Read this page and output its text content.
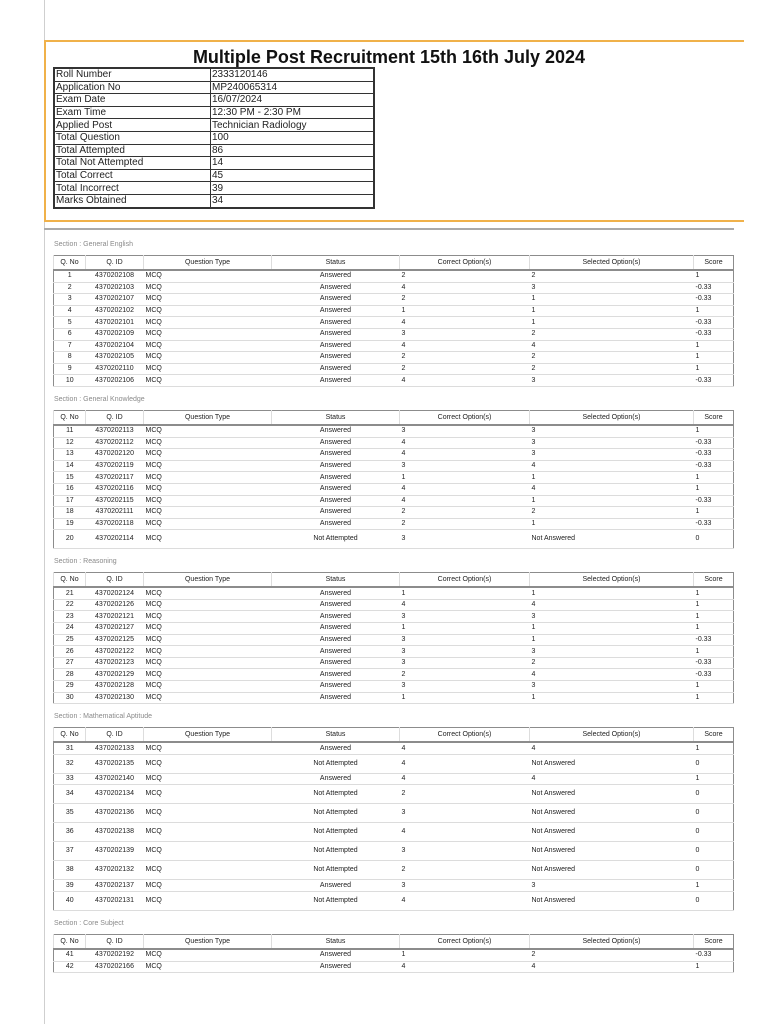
Multiple Post Recruitment 15th 16th July 2024
Roll Number	2333120146
Application No	MP240065314
Exam Date	16/07/2024
Exam Time	12:30 PM - 2:30 PM
Applied Post	Technician Radiology
Total Question	100
Total Attempted	86
Total Not Attempted	14
Total Correct	45
Total Incorrect	39
Marks Obtained	34
Section : General English
Q. No	Q. ID	Question Type	Status	Correct Option(s)	Selected Option(s)	Score
1	4370202108	MCQ	Answered	2	2	1
2	4370202103	MCQ	Answered	4	3	-0.33
3	4370202107	MCQ	Answered	2	1	-0.33
4	4370202102	MCQ	Answered	1	1	1
5	4370202101	MCQ	Answered	4	1	-0.33
6	4370202109	MCQ	Answered	3	2	-0.33
7	4370202104	MCQ	Answered	4	4	1
8	4370202105	MCQ	Answered	2	2	1
9	4370202110	MCQ	Answered	2	2	1
10	4370202106	MCQ	Answered	4	3	-0.33
Section : General Knowledge
Q. No	Q. ID	Question Type	Status	Correct Option(s)	Selected Option(s)	Score
11	4370202113	MCQ	Answered	3	3	1
12	4370202112	MCQ	Answered	4	3	-0.33
13	4370202120	MCQ	Answered	4	3	-0.33
14	4370202119	MCQ	Answered	3	4	-0.33
15	4370202117	MCQ	Answered	1	1	1
16	4370202116	MCQ	Answered	4	4	1
17	4370202115	MCQ	Answered	4	1	-0.33
18	4370202111	MCQ	Answered	2	2	1
19	4370202118	MCQ	Answered	2	1	-0.33
20	4370202114	MCQ	Not Attempted	3	Not Answered	0
Section : Reasoning
Q. No	Q. ID	Question Type	Status	Correct Option(s)	Selected Option(s)	Score
21	4370202124	MCQ	Answered	1	1	1
22	4370202126	MCQ	Answered	4	4	1
23	4370202121	MCQ	Answered	3	3	1
24	4370202127	MCQ	Answered	1	1	1
25	4370202125	MCQ	Answered	3	1	-0.33
26	4370202122	MCQ	Answered	3	3	1
27	4370202123	MCQ	Answered	3	2	-0.33
28	4370202129	MCQ	Answered	2	4	-0.33
29	4370202128	MCQ	Answered	3	3	1
30	4370202130	MCQ	Answered	1	1	1
Section : Mathematical Aptitude
Q. No	Q. ID	Question Type	Status	Correct Option(s)	Selected Option(s)	Score
31	4370202133	MCQ	Answered	4	4	1
32	4370202135	MCQ	Not Attempted	4	Not Answered	0
33	4370202140	MCQ	Answered	4	4	1
34	4370202134	MCQ	Not Attempted	2	Not Answered	0
35	4370202136	MCQ	Not Attempted	3	Not Answered	0
36	4370202138	MCQ	Not Attempted	4	Not Answered	0
37	4370202139	MCQ	Not Attempted	3	Not Answered	0
38	4370202132	MCQ	Not Attempted	2	Not Answered	0
39	4370202137	MCQ	Answered	3	3	1
40	4370202131	MCQ	Not Attempted	4	Not Answered	0
Section : Core Subject
Q. No	Q. ID	Question Type	Status	Correct Option(s)	Selected Option(s)	Score
41	4370202192	MCQ	Answered	1	2	-0.33
42	4370202166	MCQ	Answered	4	4	1
